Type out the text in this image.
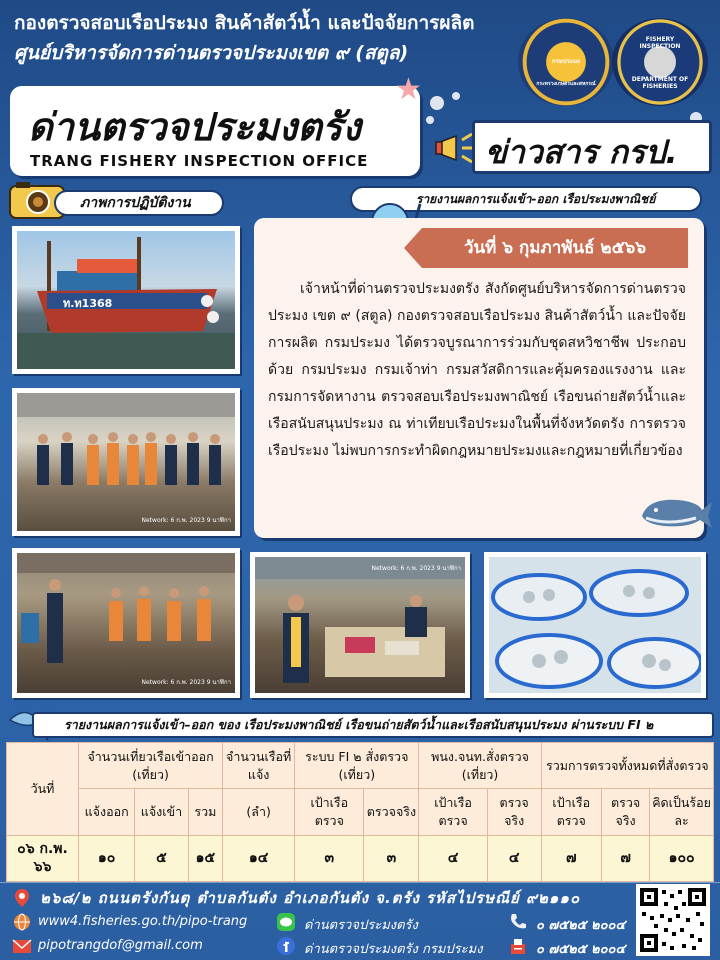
กองตรวจสอบเรือประมง สินค้าสัตว์น้ำ และปัจจัยการผลิต
ศูนย์บริหารจัดการด่านตรวจประมงเขต ๙ (สตูล)	กรมประมง
กระทรวงเกษตรและสหกรณ์
FISHERY INSPECTION
DEPARTMENT OF FISHERIES
ด่านตรวจประมงตรัง
TRANG FISHERY INSPECTION OFFICE
★
ข่าวสาร กรป.
ภาพการปฏิบัติงาน	รายงานผลการแจ้งเข้า-ออก เรือประมงพาณิชย์
ท.ท1368
Network: 6 ก.พ. 2023 9 นาฬิกา
วันที่ ๖ กุมภาพันธ์ ๒๕๖๖
เจ้าหน้าที่ด่านตรวจประมงตรัง สังกัดศูนย์บริหารจัดการด่านตรวจประมง เขต ๙ (สตูล) กองตรวจสอบเรือประมง สินค้าสัตว์น้ำ และปัจจัยการผลิต กรมประมง ได้ตรวจบูรณาการร่วมกับชุดสหวิชาชีพ ประกอบด้วย กรมประมง กรมเจ้าท่า กรมสวัสดิการและคุ้มครองแรงงาน และกรมการจัดหางาน ตรวจสอบเรือประมงพาณิชย์ เรือขนถ่ายสัตว์น้ำและเรือสนับสนุนประมง ณ ท่าเทียบเรือประมงในพื้นที่จังหวัดตรัง การตรวจเรือประมง ไม่พบการกระทำผิดกฎหมายประมงและกฎหมายที่เกี่ยวข้อง
Network: 6 ก.พ. 2023 9 นาฬิกา
Network: 6 ก.พ. 2023 9 นาฬิกา
รายงานผลการแจ้งเข้า–ออก ของ เรือประมงพาณิชย์ เรือขนถ่ายสัตว์น้ำและเรือสนับสนุนประมง ผ่านระบบ FI ๒
วันที่	จำนวนเที่ยวเรือเข้าออก (เที่ยว)			จำนวนเรือที่แจ้ง	ระบบ FI ๒ สั่งตรวจ (เที่ยว)		พนง.จนท.สั่งตรวจ (เที่ยว)		รวมการตรวจทั้งหมดที่สั่งตรวจ		
	แจ้งออก	แจ้งเข้า	รวม	(ลำ)	เป้าเรือตรวจ	ตรวจจริง	เป้าเรือตรวจ	ตรวจจริง	เป้าเรือตรวจ	ตรวจจริง	คิดเป็นร้อยละ
๐๖ ก.พ. ๖๖	๑๐	๕	๑๕	๑๔	๓	๓	๔	๔	๗	๗	๑๐๐
๒๖๘/๒ ถนนตรังกันตุ ตำบลกันตัง อำเภอกันตัง จ.ตรัง รหัสไปรษณีย์ ๙๒๑๑๐
www4.fisheries.go.th/pipo-trang	ด่านตรวจประมงตรัง	๐ ๗๕๒๕ ๒๐๐๔
pipotrangdof@gmail.com	ด่านตรวจประมงตรัง กรมประมง	๐ ๗๕๒๕ ๒๐๐๔
